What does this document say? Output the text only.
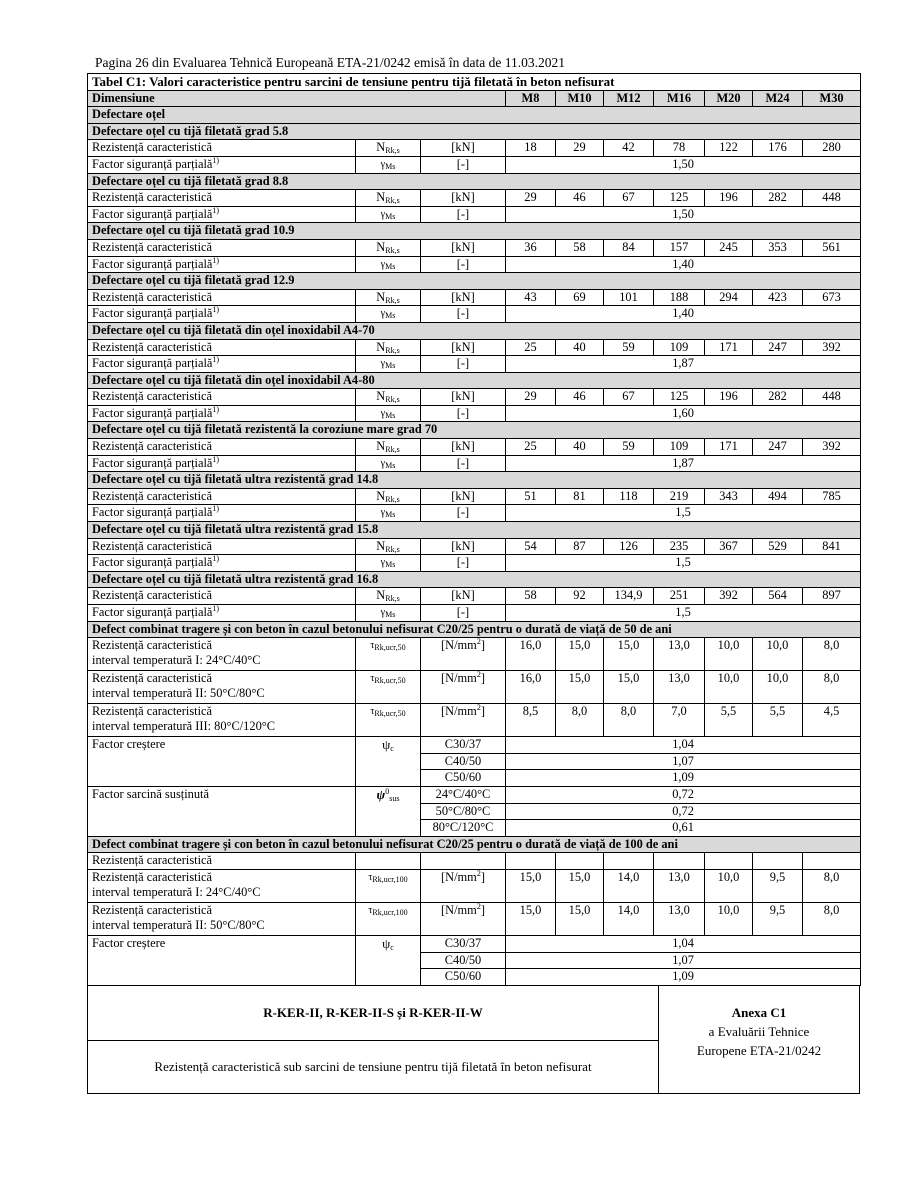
Pagina 26 din Evaluarea Tehnică Europeană ETA-21/0242 emisă în data de 11.03.2021
Tabel C1: Valori caracteristice pentru sarcini de tensiune pentru tijă filetată în beton nefisurat									
Dimensiune			M8	M10	M12	M16	M20	M24	M30
Defectare oțel									
Defectare oțel cu tijă filetată grad 5.8									
Rezistență caracteristică	$N_{Rk,s}$	[kN]	18	29	42	78	122	176	280
Factor siguranță parțială$^{1)}$	$\gamma_{Ms}$	[-]	1,50						
Defectare oțel cu tijă filetată grad 8.8									
Rezistență caracteristică	$N_{Rk,s}$	[kN]	29	46	67	125	196	282	448
Factor siguranță parțială$^{1)}$	$\gamma_{Ms}$	[-]	1,50						
Defectare oțel cu tijă filetată grad 10.9									
Rezistență caracteristică	$N_{Rk,s}$	[kN]	36	58	84	157	245	353	561
Factor siguranță parțială$^{1)}$	$\gamma_{Ms}$	[-]	1,40						
Defectare oțel cu tijă filetată grad 12.9									
Rezistență caracteristică	$N_{Rk,s}$	[kN]	43	69	101	188	294	423	673
Factor siguranță parțială$^{1)}$	$\gamma_{Ms}$	[-]	1,40						
Defectare oțel cu tijă filetată din oțel inoxidabil A4-70									
Rezistență caracteristică	$N_{Rk,s}$	[kN]	25	40	59	109	171	247	392
Factor siguranță parțială$^{1)}$	$\gamma_{Ms}$	[-]	1,87						
Defectare oțel cu tijă filetată din oțel inoxidabil A4-80									
Rezistență caracteristică	$N_{Rk,s}$	[kN]	29	46	67	125	196	282	448
Factor siguranță parțială$^{1)}$	$\gamma_{Ms}$	[-]	1,60						
Defectare oțel cu tijă filetată rezistentă la coroziune mare grad 70									
Rezistență caracteristică	$N_{Rk,s}$	[kN]	25	40	59	109	171	247	392
Factor siguranță parțială$^{1)}$	$\gamma_{Ms}$	[-]	1,87						
Defectare oțel cu tijă filetată ultra rezistentă grad 14.8									
Rezistență caracteristică	$N_{Rk,s}$	[kN]	51	81	118	219	343	494	785
Factor siguranță parțială$^{1)}$	$\gamma_{Ms}$	[-]	1,5						
Defectare oțel cu tijă filetată ultra rezistentă grad 15.8									
Rezistență caracteristică	$N_{Rk,s}$	[kN]	54	87	126	235	367	529	841
Factor siguranță parțială$^{1)}$	$\gamma_{Ms}$	[-]	1,5						
Defectare oțel cu tijă filetată ultra rezistentă grad 16.8									
Rezistență caracteristică	$N_{Rk,s}$	[kN]	58	92	134,9	251	392	564	897
Factor siguranță parțială$^{1)}$	$\gamma_{Ms}$	[-]	1,5						
Defect combinat tragere și con beton în cazul betonului nefisurat C20/25 pentru o durată de viață de 50 de ani									
Rezistență caracteristică
interval temperatură I: 24°C/40°C	$\tau_{Rk,ucr,50}$	$[N/mm^2]$	16,0	15,0	15,0	13,0	10,0	10,0	8,0
Rezistență caracteristică
interval temperatură II: 50°C/80°C	$\tau_{Rk,ucr,50}$	$[N/mm^2]$	16,0	15,0	15,0	13,0	10,0	10,0	8,0
Rezistență caracteristică
interval temperatură III: 80°C/120°C	$\tau_{Rk,ucr,50}$	$[N/mm^2]$	8,5	8,0	8,0	7,0	5,5	5,5	4,5
Factor creștere	$\psi_c$	C30/37	1,04						
		C40/50	1,07						
		C50/60	1,09						
Factor sarcină susținută	$\psi^0_{sus}$	24°C/40°C	0,72						
		50°C/80°C	0,72						
		80°C/120°C	0,61						
Defect combinat tragere și con beton în cazul betonului nefisurat C20/25 pentru o durată de viață de 100 de ani									
Rezistență caracteristică									
Rezistență caracteristică
interval temperatură I: 24°C/40°C	$\tau_{Rk,ucr,100}$	$[N/mm^2]$	15,0	15,0	14,0	13,0	10,0	9,5	8,0
Rezistență caracteristică
interval temperatură II: 50°C/80°C	$\tau_{Rk,ucr,100}$	$[N/mm^2]$	15,0	15,0	14,0	13,0	10,0	9,5	8,0
Factor creștere	$\psi_c$	C30/37	1,04						
		C40/50	1,07						
		C50/60	1,09						
R-KER-II, R-KER-II-S și R-KER-II-W
Rezistență caracteristică sub sarcini de tensiune pentru tijă filetată în beton nefisurat
Anexa C1
a Evaluării Tehnice
Europene ETA-21/0242
